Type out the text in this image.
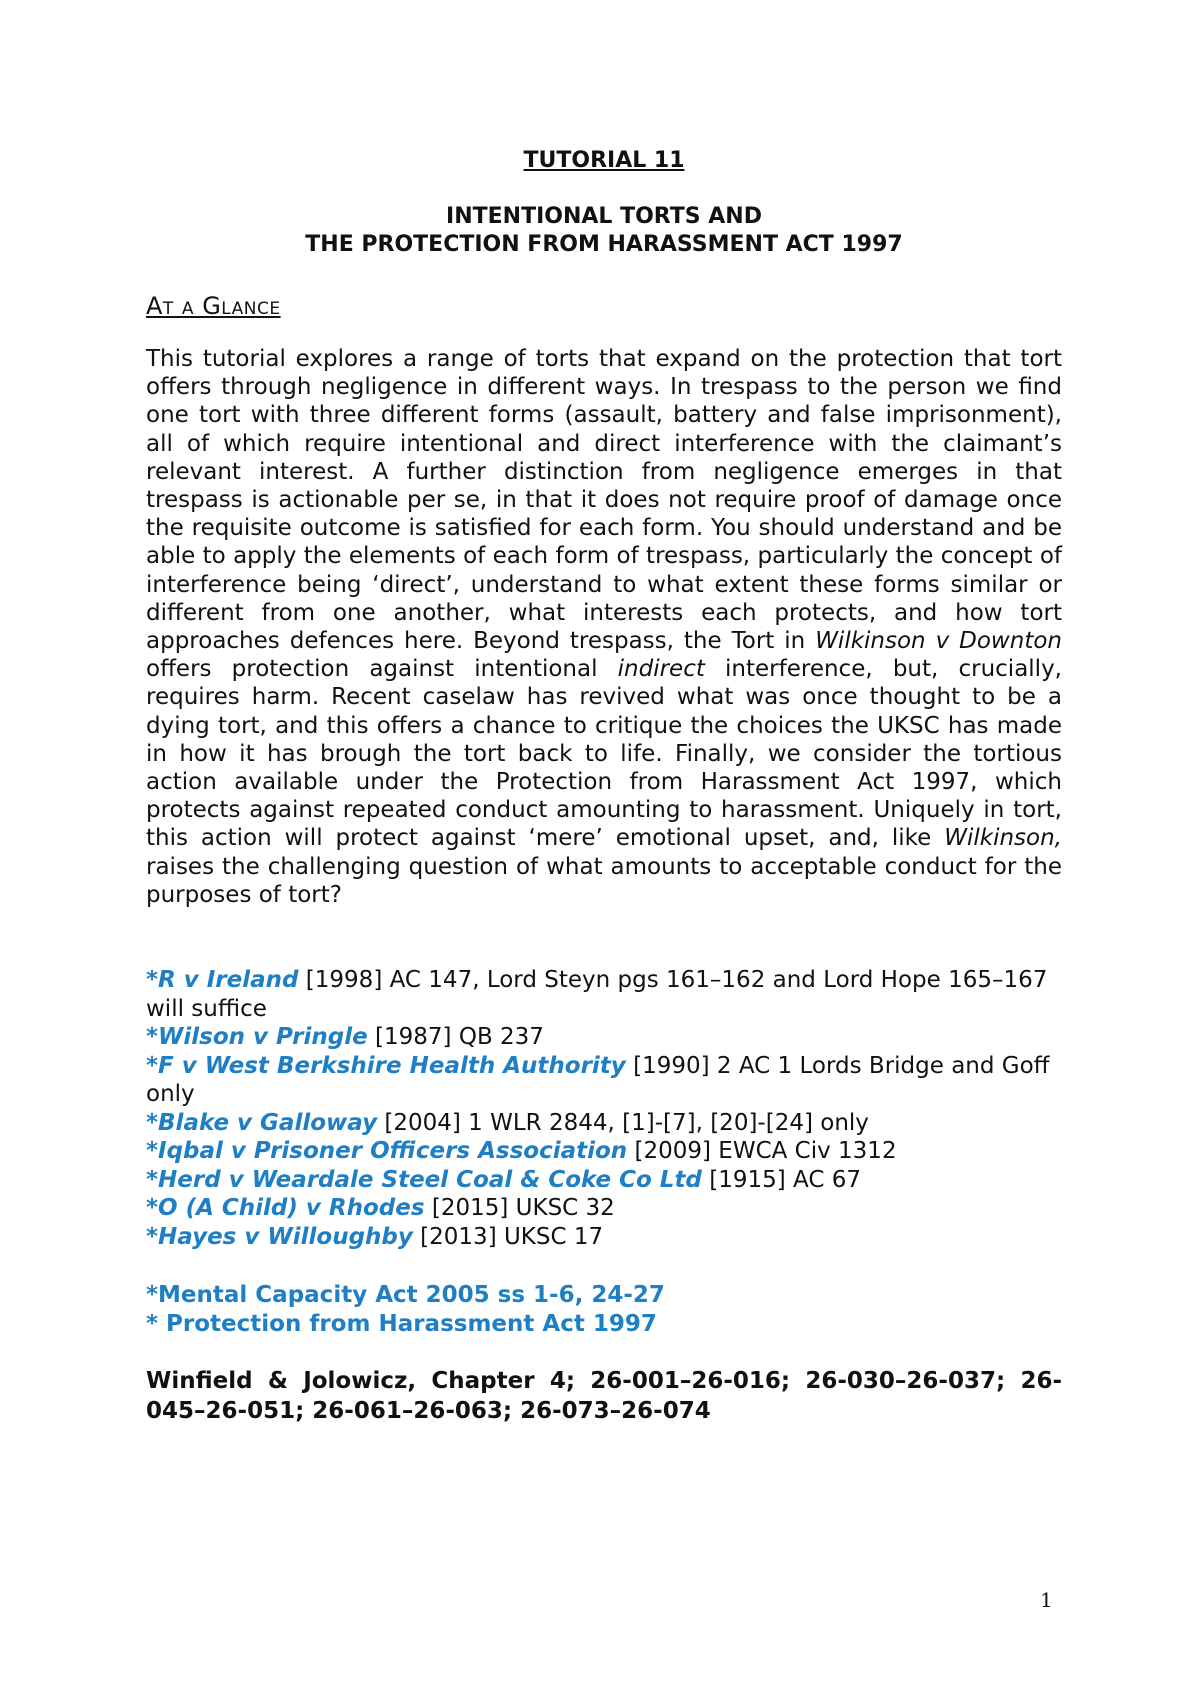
TUTORIAL 11
INTENTIONAL TORTS AND
THE PROTECTION FROM HARASSMENT ACT 1997
At a Glance
This tutorial explores a range of torts that expand on the protection that tort offers through negligence in different ways. In trespass to the person we find one tort with three different forms (assault, battery and false imprisonment), all of which require intentional and direct interference with the claimant’s relevant interest. A further distinction from negligence emerges in that trespass is actionable per se, in that it does not require proof of damage once the requisite outcome is satisfied for each form. You should understand and be able to apply the elements of each form of trespass, particularly the concept of interference being ‘direct’, understand to what extent these forms similar or different from one another, what interests each protects, and how tort approaches defences here. Beyond trespass, the Tort in Wilkinson v Downton offers protection against intentional indirect interference, but, crucially, requires harm. Recent caselaw has revived what was once thought to be a dying tort, and this offers a chance to critique the choices the UKSC has made in how it has brough the tort back to life. Finally, we consider the tortious action available under the Protection from Harassment Act 1997, which protects against repeated conduct amounting to harassment. Uniquely in tort, this action will protect against ‘mere’ emotional upset, and, like Wilkinson, raises the challenging question of what amounts to acceptable conduct for the purposes of tort?

*R v Ireland [1998] AC 147, Lord Steyn pgs 161–162 and Lord Hope 165–167 will suffice

*Wilson v Pringle [1987] QB 237

*F v West Berkshire Health Authority [1990] 2 AC 1 Lords Bridge and Goff only

*Blake v Galloway [2004] 1 WLR 2844, [1]-[7], [20]-[24] only

*Iqbal v Prisoner Officers Association [2009] EWCA Civ 1312

*Herd v Weardale Steel Coal & Coke Co Ltd [1915] AC 67

*O (A Child) v Rhodes [2015] UKSC 32

*Hayes v Willoughby [2013] UKSC 17

*Mental Capacity Act 2005 ss 1-6, 24-27
* Protection from Harassment Act 1997
Winfield & Jolowicz, Chapter 4; 26-001–26-016; 26-030–26-037; 26-045–26-051; 26-061–26-063; 26-073–26-074
1
